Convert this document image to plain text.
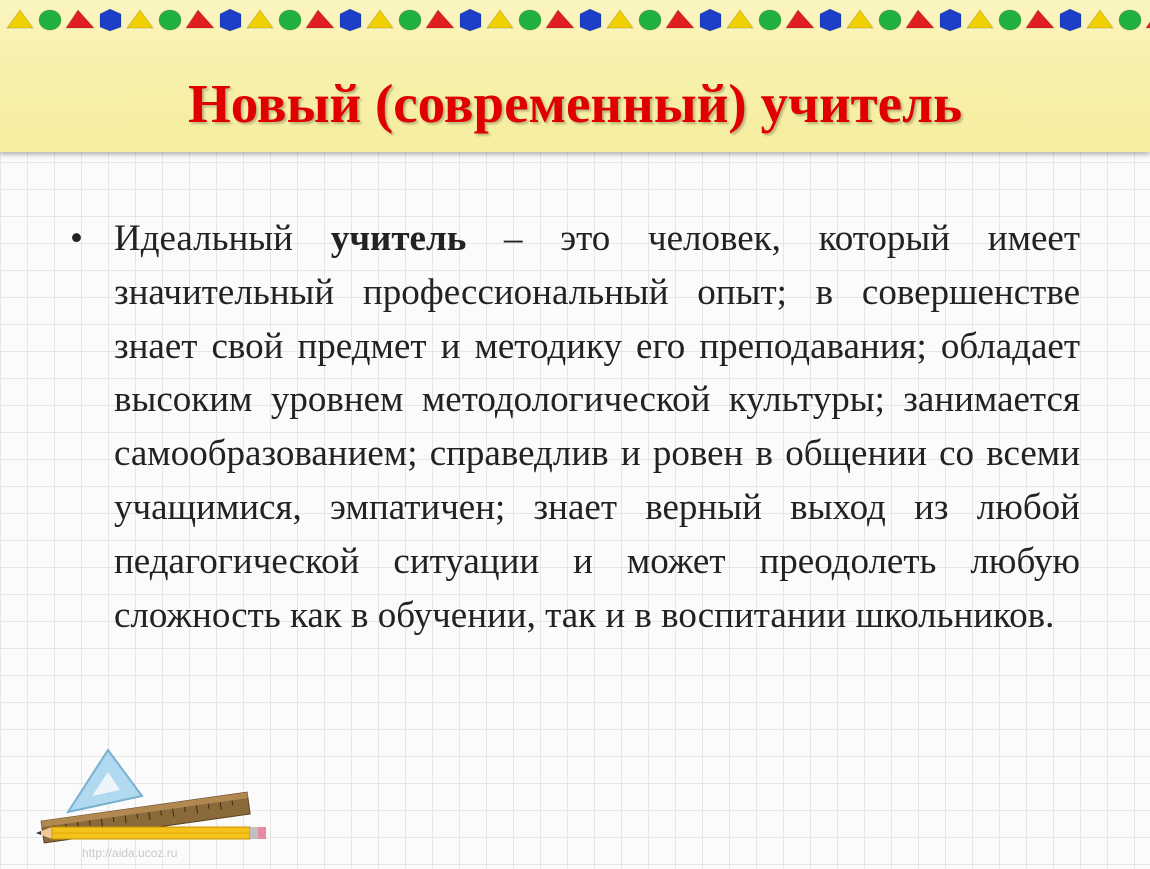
Новый (современный) учитель
• Идеальный учитель – это человек, который имеет значительный профессиональный опыт; в совершенстве знает свой предмет и методику его преподавания; обладает высоким уровнем методологической культуры; занимается самообразованием; справедлив и ровен в общении со всеми учащимися, эмпатичен; знает верный выход из любой педагогической ситуации и может преодолеть любую сложность как в обучении, так и в воспитании школьников.

http://aida.ucoz.ru
